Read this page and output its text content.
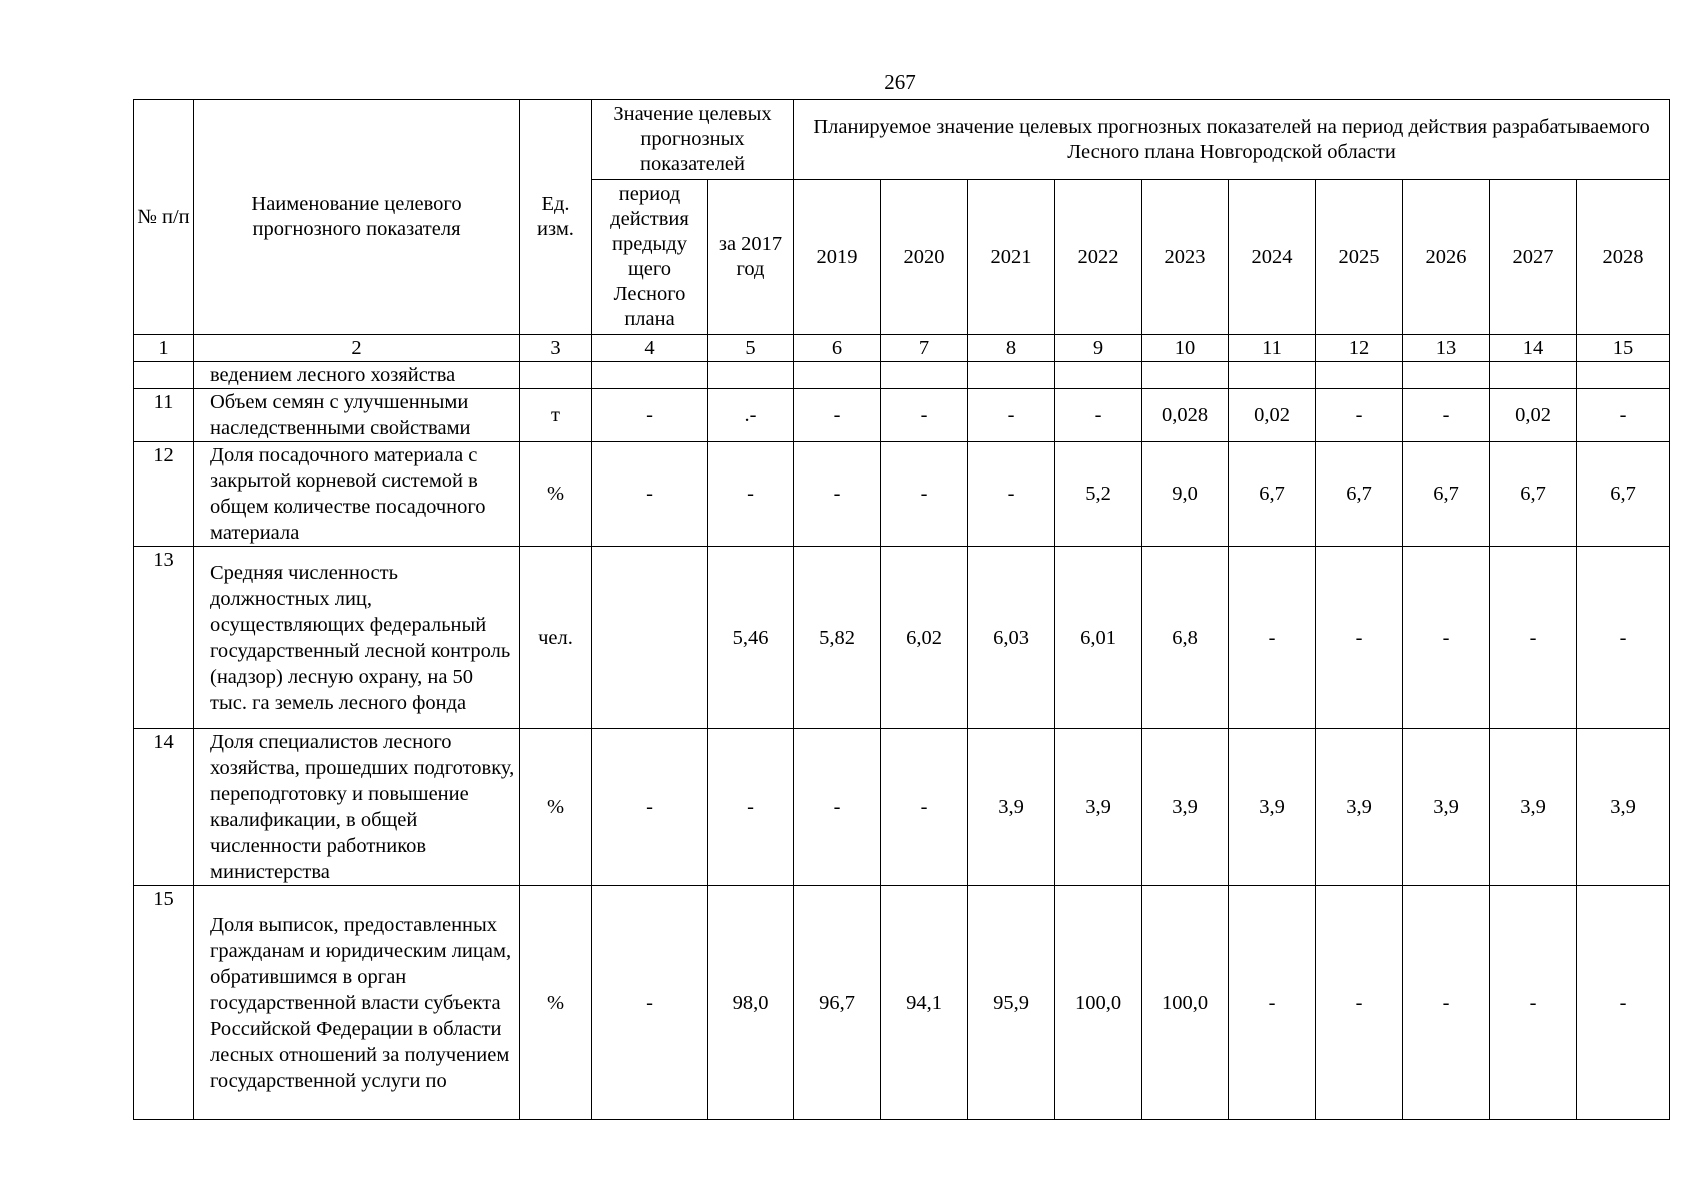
267
№ п/п	Наименование целевого прогнозного показателя	Ед. изм.	Значение целевых прогнозных показателей		Планируемое значение целевых прогнозных показателей на период действия разрабатываемого Лесного плана Новгородской области									
			период действия предыду щего Лесного плана	за 2017 год	2019	2020	2021	2022	2023	2024	2025	2026	2027	2028
1	2	3	4	5	6	7	8	9	10	11	12	13	14	15
	ведением лесного хозяйства													
11	Объем семян с улучшенными наследственными свойствами	т	-	.-	-	-	-	-	0,028	0,02	-	-	0,02	-
12	Доля посадочного материала с закрытой корневой системой в общем количестве посадочного материала	%	-	-	-	-	-	5,2	9,0	6,7	6,7	6,7	6,7	6,7
13	Средняя численность должностных лиц, осуществляющих федеральный государственный лесной контроль (надзор) лесную охрану, на 50 тыс. га земель лесного фонда	чел.		5,46	5,82	6,02	6,03	6,01	6,8	-	-	-	-	-
14	Доля специалистов лесного хозяйства, прошедших подготовку, переподготовку и повышение квалификации, в общей численности работников министерства	%	-	-	-	-	3,9	3,9	3,9	3,9	3,9	3,9	3,9	3,9
15	Доля выписок, предоставленных гражданам и юридическим лицам, обратившимся в орган государственной власти субъекта Российской Федерации в области лесных отношений за получением государственной услуги по	%	-	98,0	96,7	94,1	95,9	100,0	100,0	-	-	-	-	-
